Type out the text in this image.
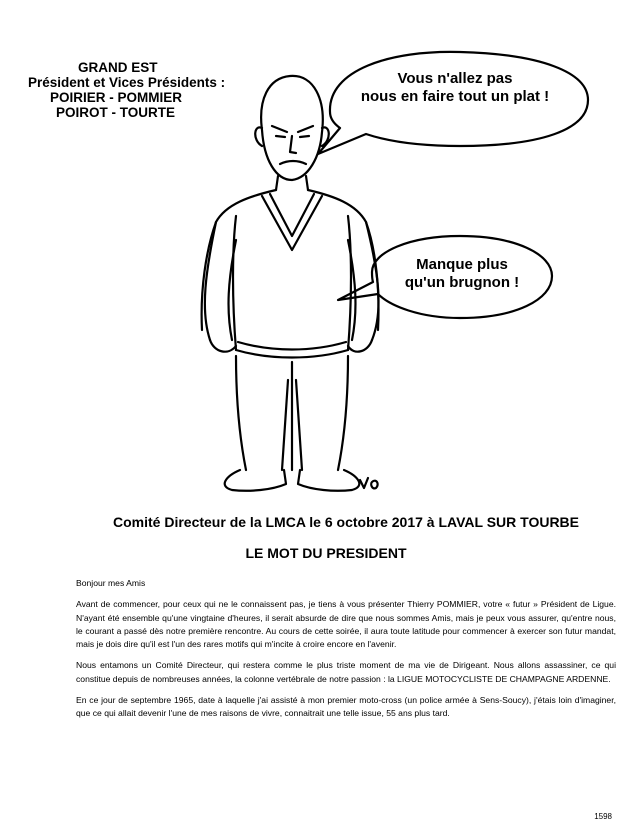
GRAND EST
Président et Vices Présidents :
POIRIER - POMMIER
POIROT - TOURTE
Vous n'allez pas
nous en faire tout un plat !
Manque plus
qu'un brugnon !
Comité Directeur de la LMCA le 6 octobre 2017 à LAVAL SUR TOURBE
LE MOT DU PRESIDENT

Bonjour mes Amis

Avant de commencer, pour ceux qui ne le connaissent pas, je tiens à vous présenter Thierry POMMIER, votre « futur » Président de Ligue. N'ayant été ensemble qu'une vingtaine d'heures, il serait absurde de dire que nous sommes Amis, mais je peux vous assurer, qu'entre nous, le courant a passé dès notre première rencontre. Au cours de cette soirée, il aura toute latitude pour commencer à exercer son futur mandat, mais je dois dire qu'il est l'un des rares motifs qui m'incite à croire encore en l'avenir.

Nous entamons un Comité Directeur, qui restera comme le plus triste moment de ma vie de Dirigeant. Nous allons assassiner, ce qui constitue depuis de nombreuses années, la colonne vertébrale de notre passion : la LIGUE MOTOCYCLISTE DE CHAMPAGNE ARDENNE.

En ce jour de septembre 1965, date à laquelle j'ai assisté à mon premier moto-cross (un police armée à Sens-Soucy), j'étais loin d'imaginer, que ce qui allait devenir l'une de mes raisons de vivre, connaitrait une telle issue, 55 ans plus tard.

1598
